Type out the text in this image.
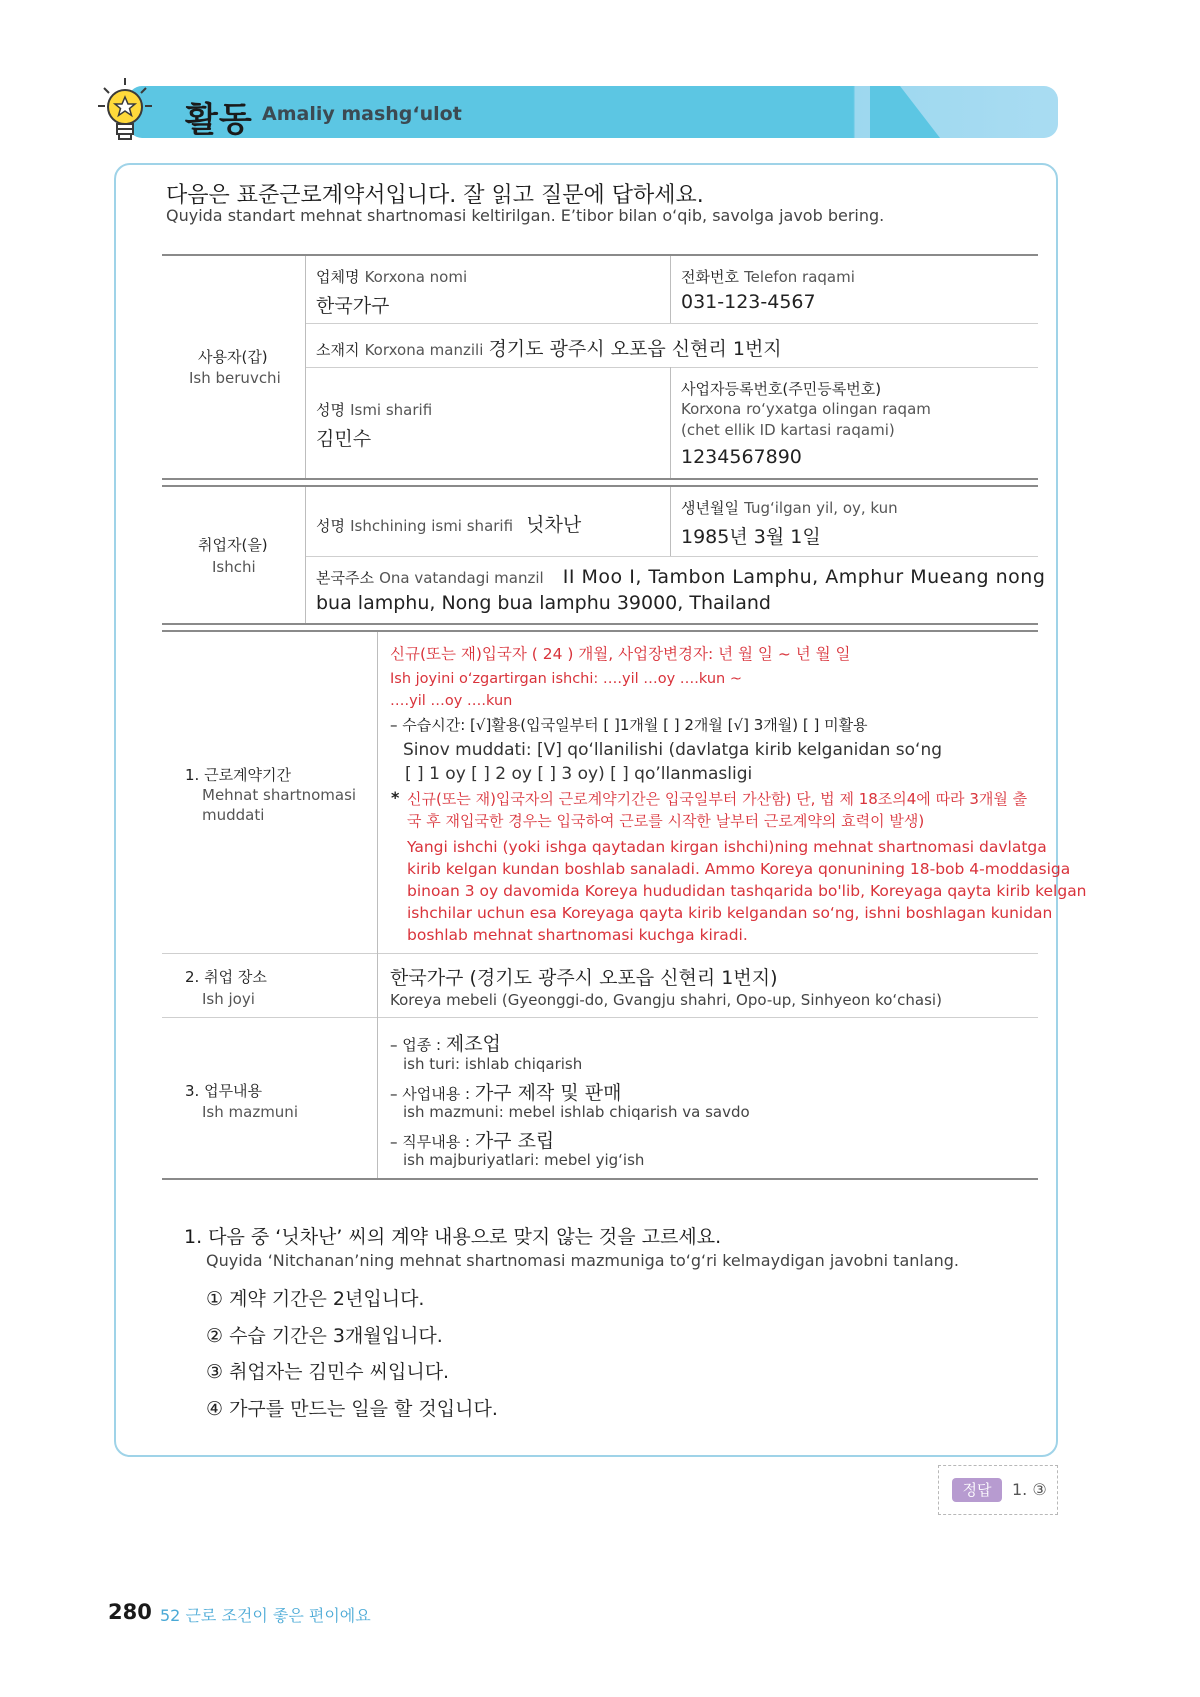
활동 Amaliy mashg‘ulot
다음은 표준근로계약서입니다. 잘 읽고 질문에 답하세요.
Quyida standart mehnat shartnomasi keltirilgan. E’tibor bilan o‘qib, savolga javob bering.
사용자(갑)
Ish beruvchi
업체명 Korxona nomi
한국가구
전화번호 Telefon raqami
031-123-4567
소재지 Korxona manzili 경기도 광주시 오포읍 신현리 1번지
성명 Ismi sharifi
김민수
사업자등록번호(주민등록번호)
Korxona ro‘yxatga olingan raqam
(chet ellik ID kartasi raqami)
1234567890
취업자(을)
Ishchi
성명 Ishchining ismi sharifi 닛차난
생년월일 Tug‘ilgan yil, oy, kun
1985년 3월 1일
본국주소 Ona vatandagi manzil II Moo I, Tambon Lamphu, Amphur Mueang nong
bua lamphu, Nong bua lamphu 39000, Thailand
1. 근로계약기간
Mehnat shartnomasi
muddati
신규(또는 재)입국자 ( 24 ) 개월, 사업장변경자: 년 월 일 ~ 년 월 일
Ish joyini o‘zgartirgan ishchi: ….yil …oy ….kun ~
….yil …oy ….kun
– 수습시간: [√]활용(입국일부터 [ ]1개월 [ ] 2개월 [√] 3개월) [ ] 미활용
Sinov muddati: [V] qo‘llanilishi (davlatga kirib kelganidan so‘ng
[ ] 1 oy [ ] 2 oy [ ] 3 oy) [ ] qo’llanmasligi
* 신규(또는 재)입국자의 근로계약기간은 입국일부터 가산함) 단, 법 제 18조의4에 따라 3개월 출
국 후 재입국한 경우는 입국하여 근로를 시작한 날부터 근로계약의 효력이 발생)
Yangi ishchi (yoki ishga qaytadan kirgan ishchi)ning mehnat shartnomasi davlatga
kirib kelgan kundan boshlab sanaladi. Ammo Koreya qonunining 18-bob 4-moddasiga
binoan 3 oy davomida Koreya hududidan tashqarida bo'lib, Koreyaga qayta kirib kelgan
ishchilar uchun esa Koreyaga qayta kirib kelgandan so‘ng, ishni boshlagan kunidan
boshlab mehnat shartnomasi kuchga kiradi.
2. 취업 장소
Ish joyi
한국가구 (경기도 광주시 오포읍 신현리 1번지)
Koreya mebeli (Gyeonggi-do, Gvangju shahri, Opo-up, Sinhyeon ko‘chasi)
3. 업무내용
Ish mazmuni
– 업종 : 제조업
ish turi: ishlab chiqarish
– 사업내용 : 가구 제작 및 판매
ish mazmuni: mebel ishlab chiqarish va savdo
– 직무내용 : 가구 조립
ish majburiyatlari: mebel yig‘ish
1. 다음 중 ‘닛차난’ 씨의 계약 내용으로 맞지 않는 것을 고르세요.
Quyida ‘Nitchanan’ning mehnat shartnomasi mazmuniga to‘g‘ri kelmaydigan javobni tanlang.
① 계약 기간은 2년입니다.
② 수습 기간은 3개월입니다.
③ 취업자는 김민수 씨입니다.
④ 가구를 만드는 일을 할 것입니다.
정답	1. ③
280 52 근로 조건이 좋은 편이에요
